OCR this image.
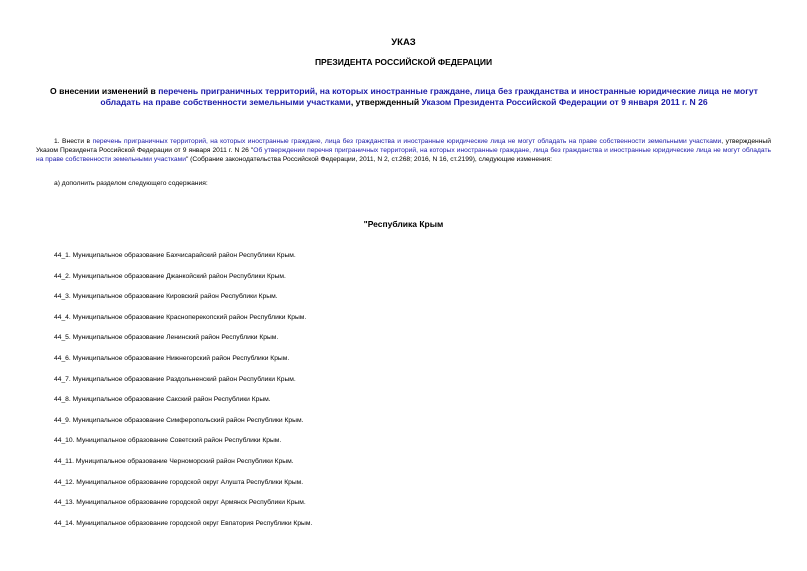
УКАЗ
ПРЕЗИДЕНТА РОССИЙСКОЙ ФЕДЕРАЦИИ
О внесении изменений в перечень приграничных территорий, на которых иностранные граждане, лица без гражданства и иностранные юридические лица не могут обладать на праве собственности земельными участками, утвержденный Указом Президента Российской Федерации от 9 января 2011 г. N 26
1. Внести в перечень приграничных территорий, на которых иностранные граждане, лица без гражданства и иностранные юридические лица не могут обладать на праве собственности земельными участками, утвержденный Указом Президента Российской Федерации от 9 января 2011 г. N 26 "Об утверждении перечня приграничных территорий, на которых иностранные граждане, лица без гражданства и иностранные юридические лица не могут обладать на праве собственности земельными участками" (Собрание законодательства Российской Федерации, 2011, N 2, ст.268; 2016, N 16, ст.2199), следующие изменения:
а) дополнить разделом следующего содержания:
"Республика Крым
44_1. Муниципальное образование Бахчисарайский район Республики Крым.
44_2. Муниципальное образование Джанкойский район Республики Крым.
44_3. Муниципальное образование Кировский район Республики Крым.
44_4. Муниципальное образование Красноперекопский район Республики Крым.
44_5. Муниципальное образование Ленинский район Республики Крым.
44_6. Муниципальное образование Нижнегорский район Республики Крым.
44_7. Муниципальное образование Раздольненский район Республики Крым.
44_8. Муниципальное образование Сакский район Республики Крым.
44_9. Муниципальное образование Симферопольский район Республики Крым.
44_10. Муниципальное образование Советский район Республики Крым.
44_11. Муниципальное образование Черноморский район Республики Крым.
44_12. Муниципальное образование городской округ Алушта Республики Крым.
44_13. Муниципальное образование городской округ Армянск Республики Крым.
44_14. Муниципальное образование городской округ Евпатория Республики Крым.
